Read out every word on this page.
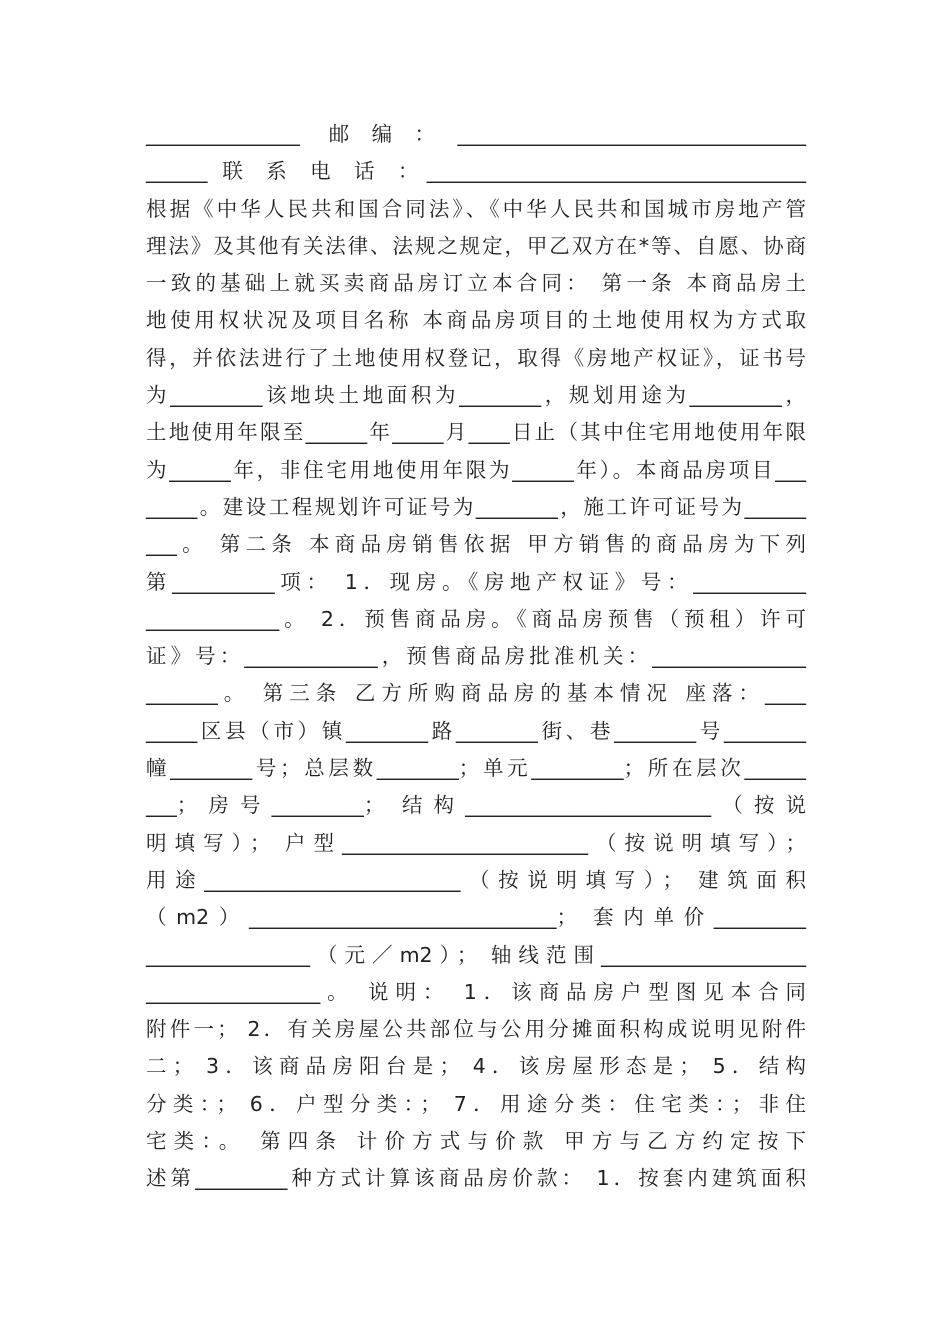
_______________ 邮编：__________________________________
______ 联 系 电 话 ：_____________________________________
根据《中华人民共和国合同法》、《中华人民共和国城市房地产管
理法》及其他有关法律、法规之规定，甲乙双方在*等、自愿、协商
一致的基础上就买卖商品房订立本合同： 第一条 本商品房土
地使用权状况及项目名称 本商品房项目的土地使用权为方式取
得，并依法进行了土地使用权登记，取得《房地产权证》，证书号
为_________该地块土地面积为________，规划用途为_________，
土地使用年限至______年_____月____日止（其中住宅用地使用年限
为______年，非住宅用地使用年限为______年）。本商品房项目___
_____。建设工程规划许可证号为________，施工许可证号为______
___。 第二条 本商品房销售依据 甲方销售的商品房为下列
第__________项： 1．现房。《房地产权证》号：___________
_____________。 2．预售商品房。《商品房预售（预租）许可
证》号：_____________，预售商品房批准机关：_______________
_______。 第三条 乙方所购商品房的基本情况 座落：____
_____区县（市）镇________路________街、巷________号________
幢________号；总层数________；单元_________；所在层次______
___；房号_________； 结构________________________（按说
明填写）； 户型________________________（按说明填写）；
用途_________________________（按说明填写）； 建筑面积
（m2）______________________________； 套内单价_________
________________（元／m2）； 轴线范围____________________
_________________。 说明： 1．该商品房户型图见本合同
附件一； 2．有关房屋公共部位与公用分摊面积构成说明见附件
二； 3．该商品房阳台是； 4．该房屋形态是； 5．结构
分类：； 6．户型分类：； 7．用途分类：住宅类：；非住
宅类：。 第四条 计价方式与价款 甲方与乙方约定按下
述第_________种方式计算该商品房价款： 1．按套内建筑面积
